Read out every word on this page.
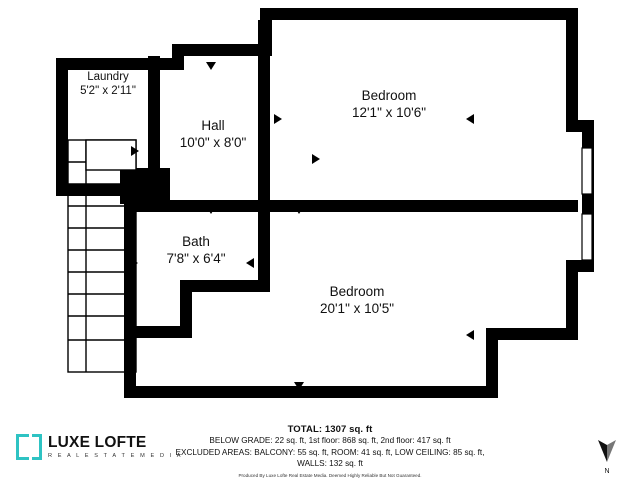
Laundry
5'2" x 2'11"
Hall
10'0" x 8'0"
Bedroom
12'1" x 10'6"
Bath
7'8" x 6'4"
Bedroom
20'1" x 10'5"
TOTAL: 1307 sq. ft
BELOW GRADE: 22 sq. ft, 1st floor: 868 sq. ft, 2nd floor: 417 sq. ft
EXCLUDED AREAS: BALCONY: 55 sq. ft, ROOM: 41 sq. ft, LOW CEILING: 85 sq. ft,
WALLS: 132 sq. ft
Produced By Luxe Lofte Real Estate Media. Deemed Highly Reliable But Not Guaranteed.
LUXE LOFTE
R E A L E S T A T E M E D I A
N
